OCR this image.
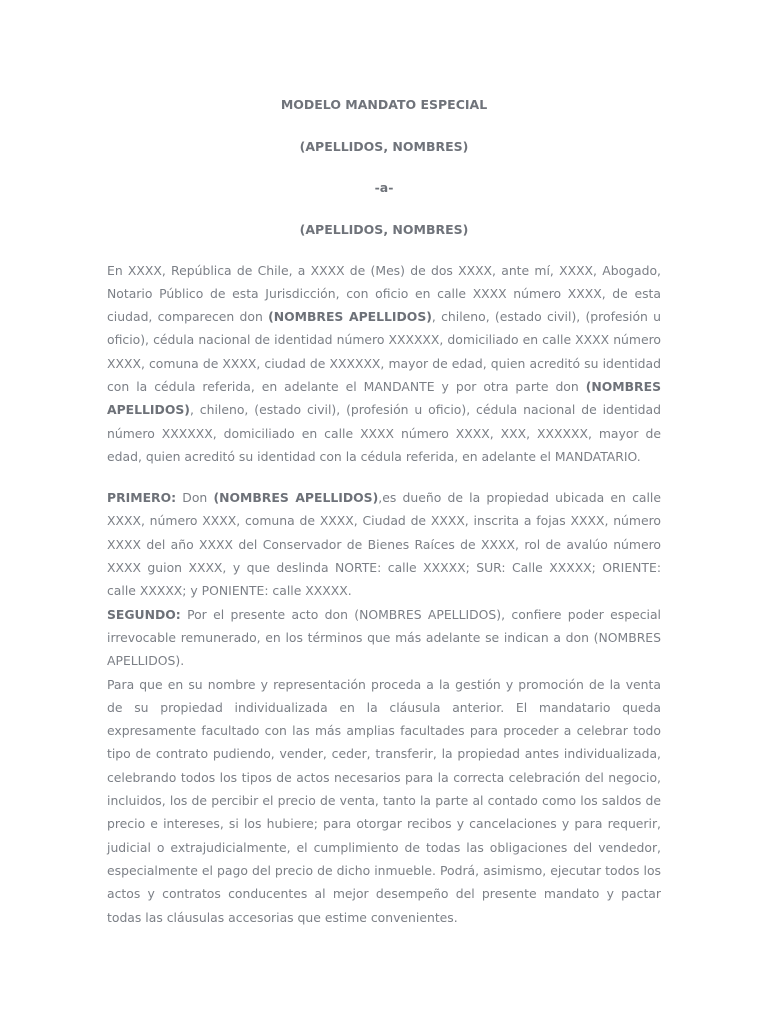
MODELO MANDATO ESPECIAL
(APELLIDOS, NOMBRES)
-a-
(APELLIDOS, NOMBRES)

En XXXX, República de Chile, a XXXX de (Mes) de dos XXXX, ante mí, XXXX, Abogado, Notario Público de esta Jurisdicción, con oficio en calle XXXX número XXXX, de esta ciudad, comparecen don (NOMBRES APELLIDOS), chileno, (estado civil), (profesión u oficio), cédula nacional de identidad número XXXXXX, domiciliado en calle XXXX número XXXX, comuna de XXXX, ciudad de XXXXXX, mayor de edad, quien acreditó su identidad con la cédula referida, en adelante el MANDANTE y por otra parte don (NOMBRES APELLIDOS), chileno, (estado civil), (profesión u oficio), cédula nacional de identidad número XXXXXX, domiciliado en calle XXXX número XXXX, XXX, XXXXXX, mayor de edad, quien acreditó su identidad con la cédula referida, en adelante el MANDATARIO.

PRIMERO: Don (NOMBRES APELLIDOS),es dueño de la propiedad ubicada en calle XXXX, número XXXX, comuna de XXXX, Ciudad de XXXX, inscrita a fojas XXXX, número XXXX del año XXXX del Conservador de Bienes Raíces de XXXX, rol de avalúo número XXXX guion XXXX, y que deslinda NORTE: calle XXXXX; SUR: Calle XXXXX; ORIENTE: calle XXXXX; y PONIENTE: calle XXXXX.

SEGUNDO: Por el presente acto don (NOMBRES APELLIDOS), confiere poder especial irrevocable remunerado, en los términos que más adelante se indican a don (NOMBRES APELLIDOS).

Para que en su nombre y representación proceda a la gestión y promoción de la venta de su propiedad individualizada en la cláusula anterior. El mandatario queda expresamente facultado con las más amplias facultades para proceder a celebrar todo tipo de contrato pudiendo, vender, ceder, transferir, la propiedad antes individualizada, celebrando todos los tipos de actos necesarios para la correcta celebración del negocio, incluidos, los de percibir el precio de venta, tanto la parte al contado como los saldos de precio e intereses, si los hubiere; para otorgar recibos y cancelaciones y para requerir, judicial o extrajudicialmente, el cumplimiento de todas las obligaciones del vendedor, especialmente el pago del precio de dicho inmueble. Podrá, asimismo, ejecutar todos los actos y contratos conducentes al mejor desempeño del presente mandato y pactar todas las cláusulas accesorias que estime convenientes.
